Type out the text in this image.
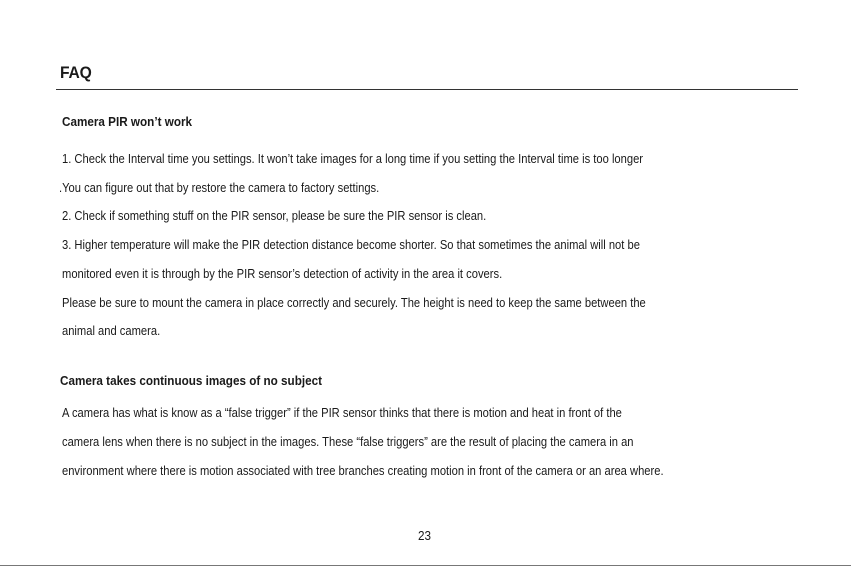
FAQ
Camera PIR won’t work
1. Check the Interval time you settings. It won’t take images for a long time if you setting the Interval time is too longer
.You can figure out that by restore the camera to factory settings.
2. Check if something stuff on the PIR sensor, please be sure the PIR sensor is clean.
3. Higher temperature will make the PIR detection distance become shorter. So that sometimes the animal will not be
monitored even it is through by the PIR sensor’s detection of activity in the area it covers.
Please be sure to mount the camera in place correctly and securely. The height is need to keep the same between the
animal and camera.
Camera takes continuous images of no subject
A camera has what is know as a “false trigger” if the PIR sensor thinks that there is motion and heat in front of the
camera lens when there is no subject in the images. These “false triggers” are the result of placing the camera in an
environment where there is motion associated with tree branches creating motion in front of the camera or an area where.
23
